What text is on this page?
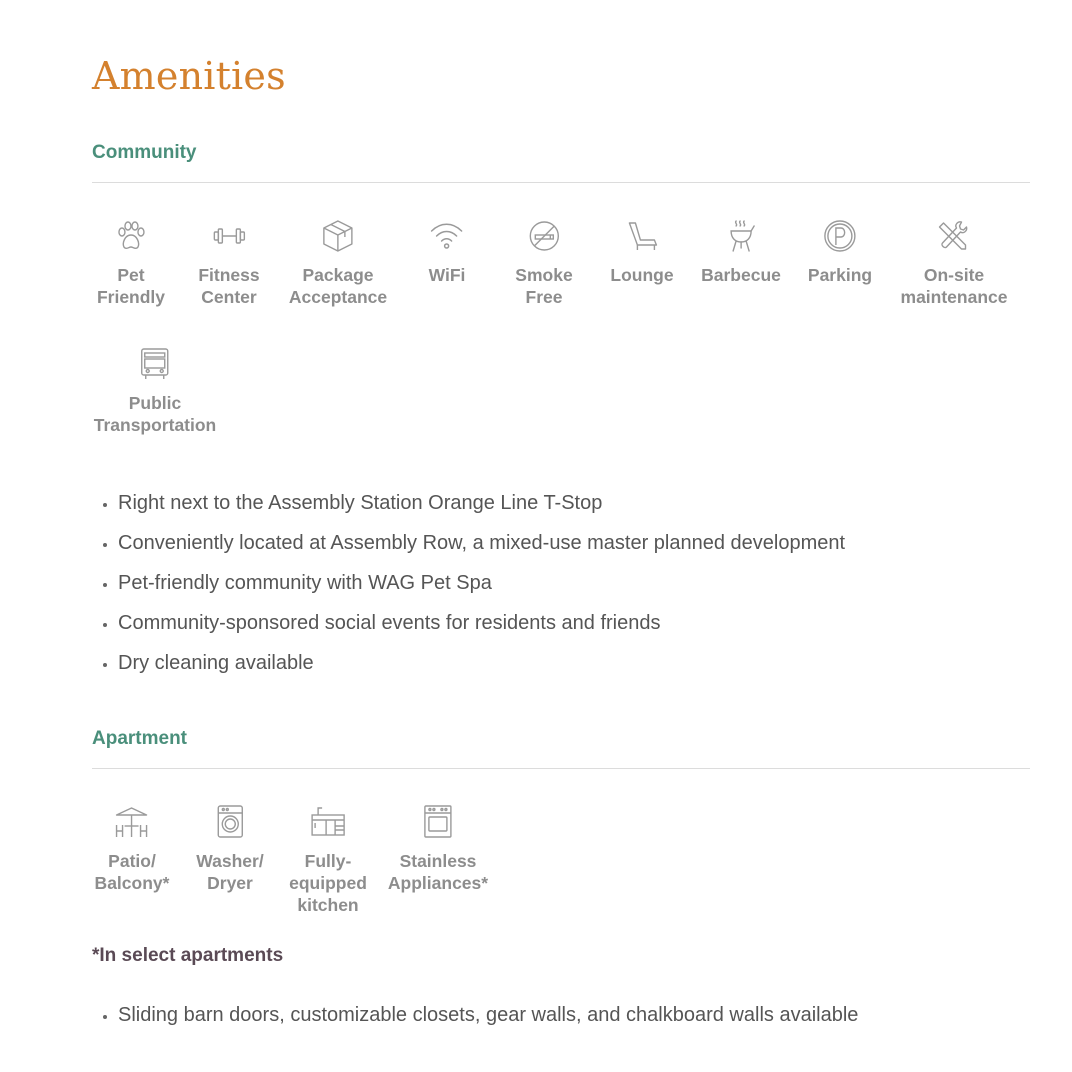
Amenities
Community
Pet
Friendly
Fitness
Center
Package
Acceptance
WiFi	Smoke
Free
Lounge Barbecue Parking	On-site
maintenance
Public
Transportation
• Right next to the Assembly Station Orange Line T-Stop
• Conveniently located at Assembly Row, a mixed-use master planned development
• Pet-friendly community with WAG Pet Spa
• Community-sponsored social events for residents and friends
• Dry cleaning available
Apartment
Patio/
Balcony*
Washer/
Dryer
Fully-
equipped
kitchen
Stainless
Appliances*

*In select apartments

• Sliding barn doors, customizable closets, gear walls, and chalkboard walls available
